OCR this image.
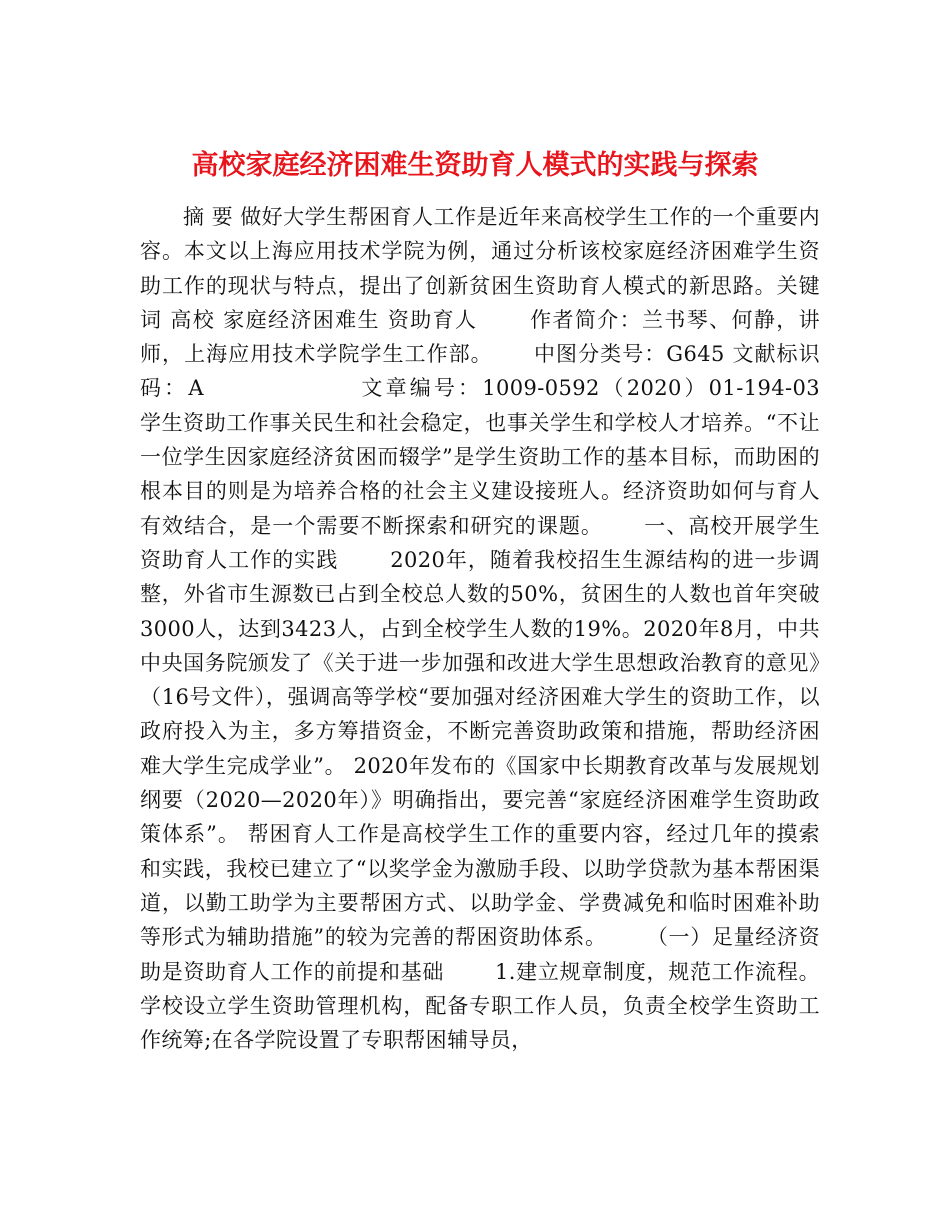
高校家庭经济困难生资助育人模式的实践与探索

　　摘 要 做好大学生帮困育人工作是近年来高校学生工作的一个重要内容。本文以上海应用技术学院为例，通过分析该校家庭经济困难学生资助工作的现状与特点，提出了创新贫困生资助育人模式的新思路。关键词 高校 家庭经济困难生 资助育人　　 作者简介：兰书琴、何静，讲师，上海应用技术学院学生工作部。　　 中图分类号：G645 文献标识码：A　　　　　　 文章编号：1009-0592（2020）01-194-03　　 学生资助工作事关民生和社会稳定，也事关学生和学校人才培养。“不让一位学生因家庭经济贫困而辍学”是学生资助工作的基本目标，而助困的根本目的则是为培养合格的社会主义建设接班人。经济资助如何与育人有效结合，是一个需要不断探索和研究的课题。　　 一、高校开展学生资助育人工作的实践　　 2020年，随着我校招生生源结构的进一步调整，外省市生源数已占到全校总人数的50%，贫困生的人数也首年突破3000人，达到3423人，占到全校学生人数的19%。2020年8月，中共中央国务院颁发了《关于进一步加强和改进大学生思想政治教育的意见》（16号文件），强调高等学校“要加强对经济困难大学生的资助工作，以政府投入为主，多方筹措资金，不断完善资助政策和措施，帮助经济困难大学生完成学业”。 2020年发布的《国家中长期教育改革与发展规划纲要（2020—2020年）》明确指出，要完善“家庭经济困难学生资助政策体系”。 帮困育人工作是高校学生工作的重要内容，经过几年的摸索和实践，我校已建立了“以奖学金为激励手段、以助学贷款为基本帮困渠道，以勤工助学为主要帮困方式、以助学金、学费减免和临时困难补助等形式为辅助措施”的较为完善的帮困资助体系。　　 （一）足量经济资助是资助育人工作的前提和基础　　 1.建立规章制度，规范工作流程。学校设立学生资助管理机构，配备专职工作人员，负责全校学生资助工作统筹;在各学院设置了专职帮困辅导员，
